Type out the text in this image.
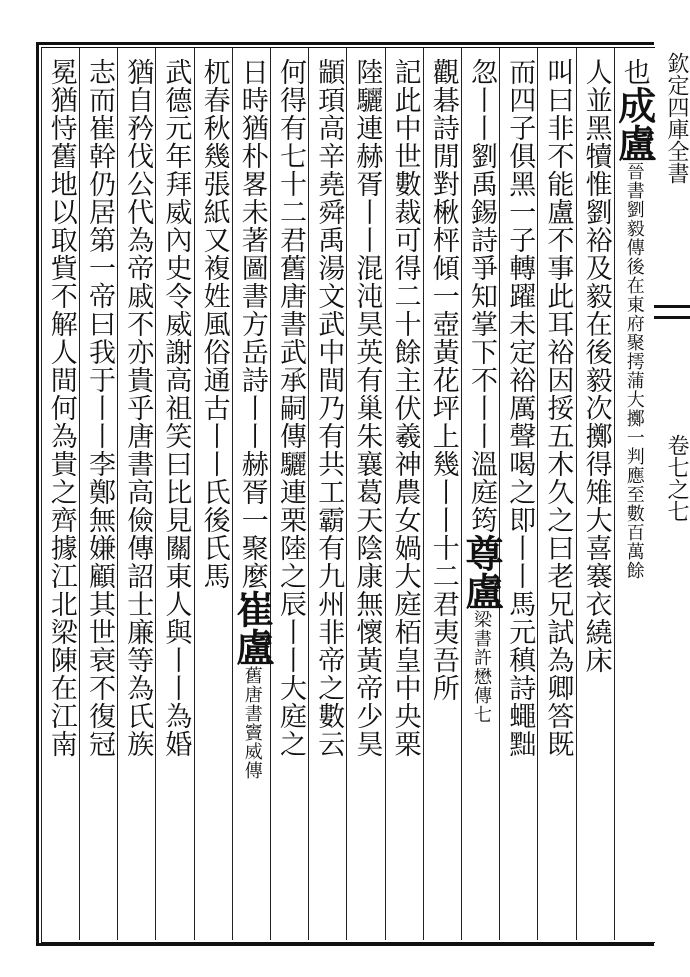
欽定四庫全書卷七之七
也成盧晉書劉毅傳後在東府聚摴蒲大擲一判應至數百萬餘
人並黑犢惟劉裕及毅在後毅次擲得雉大喜褰衣繞床
叫曰非不能盧不事此耳裕因挼五木久之曰老兄試為卿答既
而四子俱黑一子轉躍未定裕厲聲喝之即丨丨馬元稹詩蠅黜
忽丨丨劉禹錫詩爭知掌下不丨丨溫庭筠尊盧梁書許懋傳七
觀碁詩閒對楸枰傾一壺黃花坪上幾丨丨十二君夷吾所
記此中世數裁可得二十餘主伏羲神農女媧大庭栢皇中央栗
陸驪連赫胥丨丨混沌昊英有巢朱襄葛天陰康無懷黃帝少昊
顓頊高辛堯舜禹湯文武中間乃有共工霸有九州非帝之數云
何得有七十二君舊唐書武承嗣傳驪連栗陸之辰丨丨大庭之
日時猶朴畧未著圖書方岳詩丨丨赫胥一聚麼崔盧舊唐書竇威傳
杌春秋幾張紙又複姓風俗通古丨丨氏後氏馬
武德元年拜威內史令威謝高祖笑曰比見關東人與丨丨為婚
猶自矜伐公代為帝戚不亦貴乎唐書高儉傳詔士廉等為氏族
志而崔幹仍居第一帝曰我于丨丨李鄭無嫌顧其世衰不復冠
冕猶恃舊地以取貲不解人間何為貴之齊據江北梁陳在江南
